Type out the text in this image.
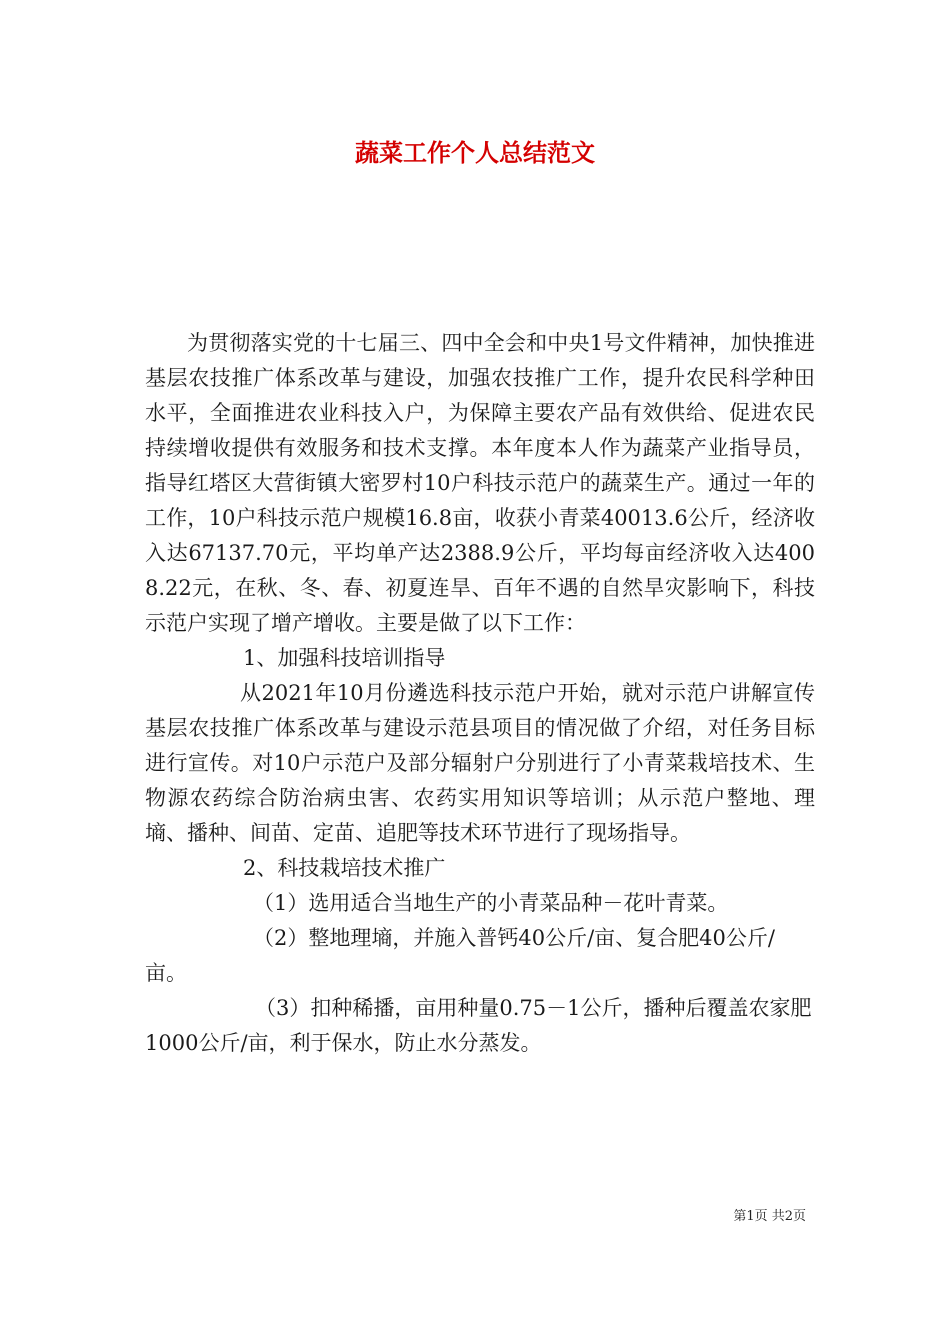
蔬菜工作个人总结范文

为贯彻落实党的十七届三、四中全会和中央1号文件精神，加快推进基层农技推广体系改革与建设，加强农技推广工作，提升农民科学种田水平，全面推进农业科技入户，为保障主要农产品有效供给、促进农民持续增收提供有效服务和技术支撑。本年度本人作为蔬菜产业指导员，指导红塔区大营街镇大密罗村10户科技示范户的蔬菜生产。通过一年的工作，10户科技示范户规模16.8亩，收获小青菜40013.6公斤，经济收入达67137.70元，平均单产达2388.9公斤，平均每亩经济收入达4008.22元，在秋、冬、春、初夏连旱、百年不遇的自然旱灾影响下，科技示范户实现了增产增收。主要是做了以下工作：

1、加强科技培训指导

从2021年10月份遴选科技示范户开始，就对示范户讲解宣传基层农技推广体系改革与建设示范县项目的情况做了介绍，对任务目标进行宣传。对10户示范户及部分辐射户分别进行了小青菜栽培技术、生物源农药综合防治病虫害、农药实用知识等培训；从示范户整地、理墒、播种、间苗、定苗、追肥等技术环节进行了现场指导。

2、科技栽培技术推广

（1）选用适合当地生产的小青菜品种－花叶青菜。

（2）整地理墒，并施入普钙40公斤/亩、复合肥40公斤/亩。

（3）扣种稀播，亩用种量0.75－1公斤，播种后覆盖农家肥1000公斤/亩，利于保水，防止水分蒸发。

第1页 共2页
